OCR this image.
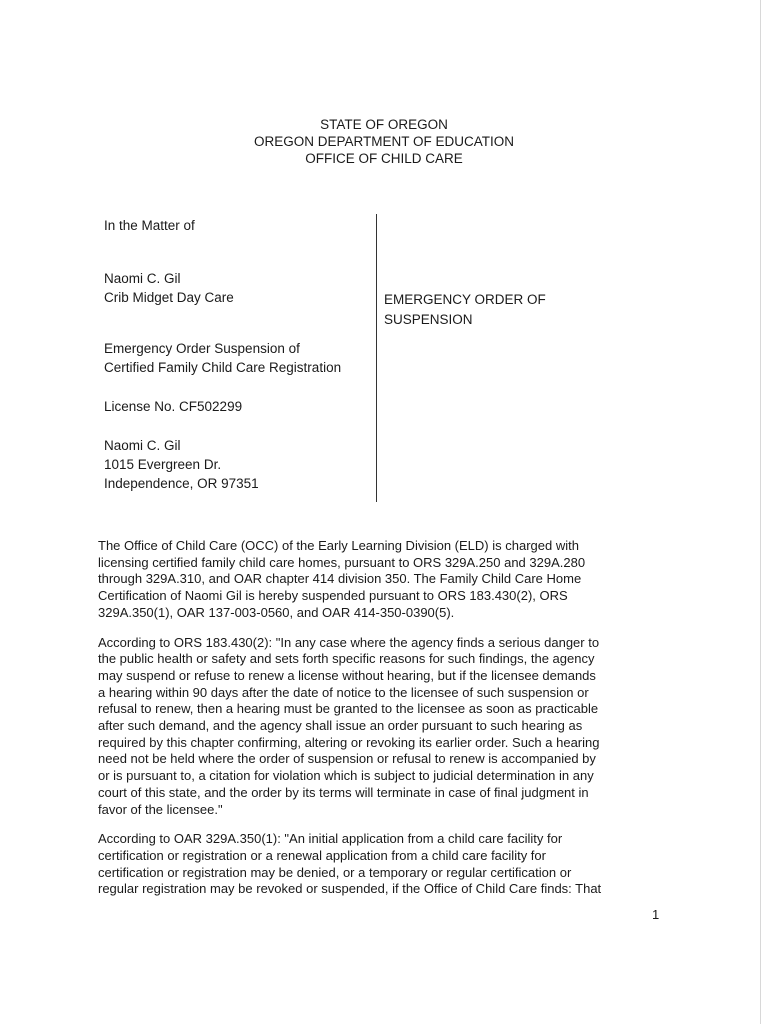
STATE OF OREGON
OREGON DEPARTMENT OF EDUCATION
OFFICE OF CHILD CARE
In the Matter of
Naomi C. Gil
Crib Midget Day Care
Emergency Order Suspension of
Certified Family Child Care Registration
License No. CF502299
Naomi C. Gil
1015 Evergreen Dr.
Independence, OR 97351
EMERGENCY ORDER OF
SUSPENSION

The Office of Child Care (OCC) of the Early Learning Division (ELD) is charged with
licensing certified family child care homes, pursuant to ORS 329A.250 and 329A.280
through 329A.310, and OAR chapter 414 division 350. The Family Child Care Home
Certification of Naomi Gil is hereby suspended pursuant to ORS 183.430(2), ORS
329A.350(1), OAR 137-003-0560, and OAR 414-350-0390(5).

According to ORS 183.430(2): "In any case where the agency finds a serious danger to
the public health or safety and sets forth specific reasons for such findings, the agency
may suspend or refuse to renew a license without hearing, but if the licensee demands
a hearing within 90 days after the date of notice to the licensee of such suspension or
refusal to renew, then a hearing must be granted to the licensee as soon as practicable
after such demand, and the agency shall issue an order pursuant to such hearing as
required by this chapter confirming, altering or revoking its earlier order. Such a hearing
need not be held where the order of suspension or refusal to renew is accompanied by
or is pursuant to, a citation for violation which is subject to judicial determination in any
court of this state, and the order by its terms will terminate in case of final judgment in
favor of the licensee."

According to OAR 329A.350(1): "An initial application from a child care facility for
certification or registration or a renewal application from a child care facility for
certification or registration may be denied, or a temporary or regular certification or
regular registration may be revoked or suspended, if the Office of Child Care finds: That

1
